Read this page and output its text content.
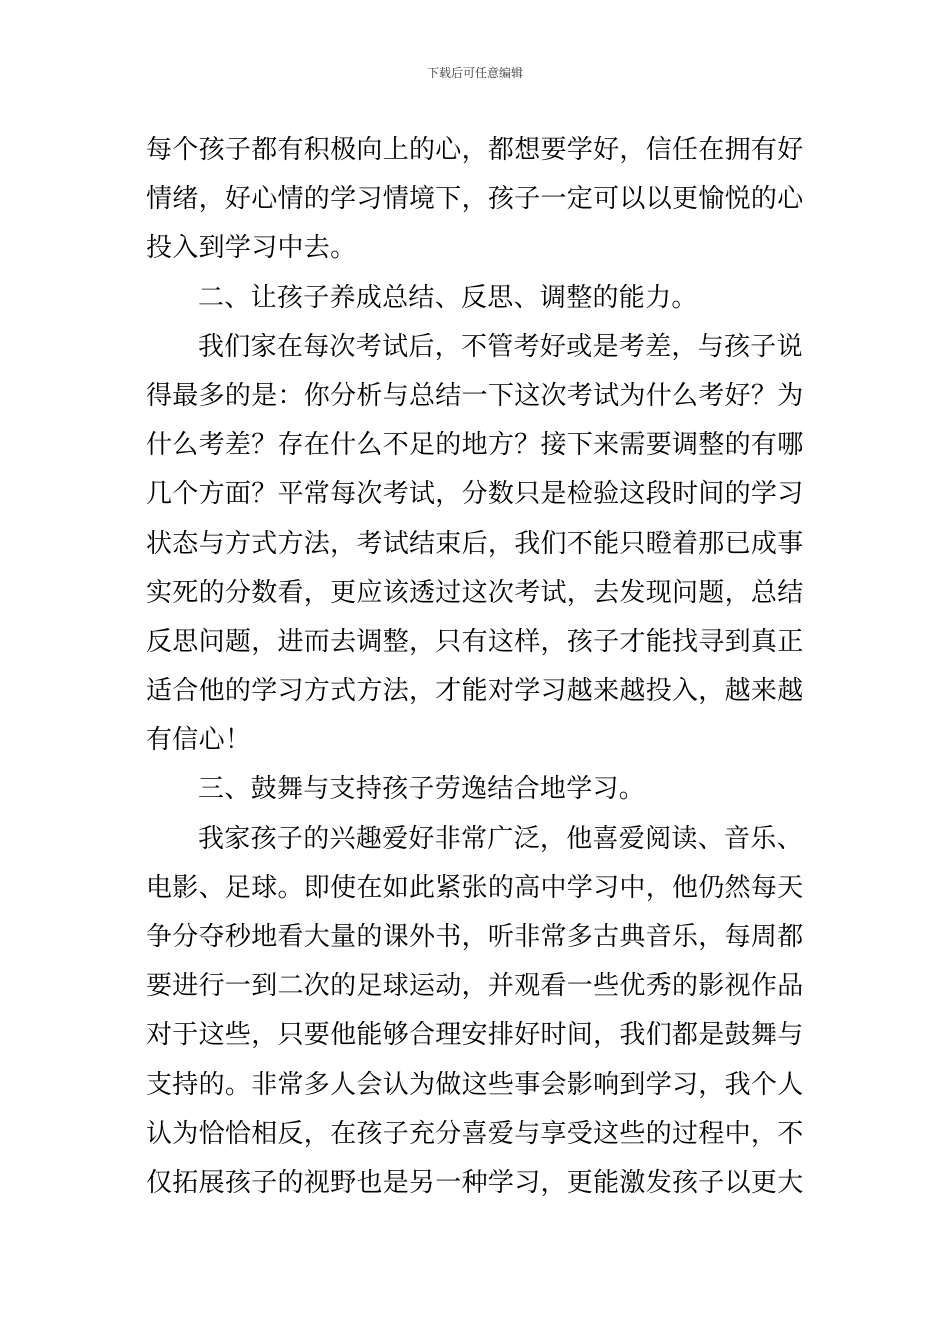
下载后可任意编辑
每个孩子都有积极向上的心，都想要学好，信任在拥有好
情绪，好心情的学习情境下，孩子一定可以以更愉悦的心
投入到学习中去。
二、让孩子养成总结、反思、调整的能力。
我们家在每次考试后，不管考好或是考差，与孩子说
得最多的是：你分析与总结一下这次考试为什么考好？为
什么考差？存在什么不足的地方？接下来需要调整的有哪
几个方面？平常每次考试，分数只是检验这段时间的学习
状态与方式方法，考试结束后，我们不能只瞪着那已成事
实死的分数看，更应该透过这次考试，去发现问题，总结
反思问题，进而去调整，只有这样，孩子才能找寻到真正
适合他的学习方式方法，才能对学习越来越投入，越来越
有信心！
三、鼓舞与支持孩子劳逸结合地学习。
我家孩子的兴趣爱好非常广泛，他喜爱阅读、音乐、
电影、足球。即使在如此紧张的高中学习中，他仍然每天
争分夺秒地看大量的课外书，听非常多古典音乐，每周都
要进行一到二次的足球运动，并观看一些优秀的影视作品
对于这些，只要他能够合理安排好时间，我们都是鼓舞与
支持的。非常多人会认为做这些事会影响到学习，我个人
认为恰恰相反，在孩子充分喜爱与享受这些的过程中，不
仅拓展孩子的视野也是另一种学习，更能激发孩子以更大
